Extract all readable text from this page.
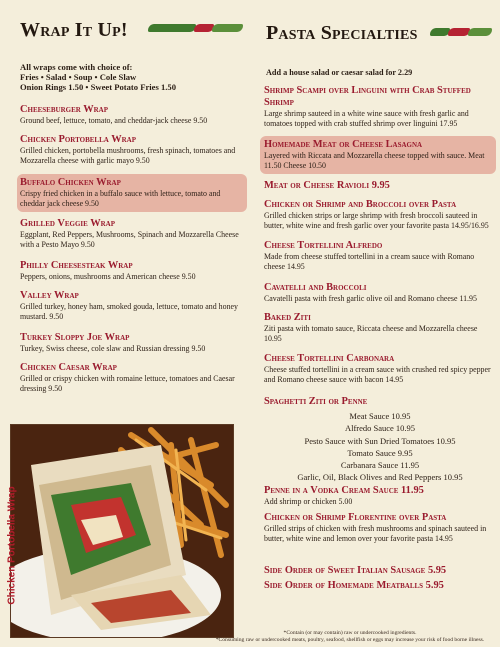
Wrap It Up!
All wraps come with choice of:
Fries • Salad • Soup • Cole Slaw
Onion Rings 1.50 • Sweet Potato Fries 1.50
Cheeseburger Wrap
Ground beef, lettuce, tomato, and cheddar-jack cheese 9.50
Chicken Portobella Wrap
Grilled chicken, portobella mushrooms, fresh spinach, tomatoes and Mozzarella cheese with garlic mayo 9.50
Buffalo Chicken Wrap
Crispy fried chicken in a buffalo sauce with lettuce, tomato and cheddar jack cheese 9.50
Grilled Veggie Wrap
Eggplant, Red Peppers, Mushrooms, Spinach and Mozzarella Cheese with a Pesto Mayo 9.50
Philly Cheesesteak Wrap
Peppers, onions, mushrooms and American cheese 9.50
Valley Wrap
Grilled turkey, honey ham, smoked gouda, lettuce, tomato and honey mustard. 9.50
Turkey Sloppy Joe Wrap
Turkey, Swiss cheese, cole slaw and Russian dressing 9.50
Chicken Caesar Wrap
Grilled or crispy chicken with romaine lettuce, tomatoes and Caesar dressing 9.50
Chicken Portobella Wrap
Pasta Specialties
Add a house salad or caesar salad for 2.29
Shrimp Scampi over Linguini with Crab Stuffed Shrimp
Large shrimp sauteed in a white wine sauce with fresh garlic and tomatoes topped with crab stuffed shrimp over linguini 17.95
Homemade Meat or Cheese Lasagna
Layered with Riccata and Mozzarella cheese topped with sauce. Meat 11.50 Cheese 10.50
Meat or Cheese Ravioli 9.95
Chicken or Shrimp and Broccoli over Pasta
Grilled chicken strips or large shrimp with fresh broccoli sauteed in butter, white wine and fresh garlic over your favorite pasta 14.95/16.95
Cheese Tortellini Alfredo
Made from cheese stuffed tortellini in a cream sauce with Romano cheese 14.95
Cavatelli and Broccoli
Cavatelli pasta with fresh garlic olive oil and Romano cheese 11.95
Baked Ziti
Ziti pasta with tomato sauce, Riccata cheese and Mozzarella cheese 10.95
Cheese Tortellini Carbonara
Cheese stuffed tortellini in a cream sauce with crushed red spicy pepper and Romano cheese sauce with bacon 14.95
Spaghetti Ziti or Penne
Meat Sauce 10.95
Alfredo Sauce 10.95
Pesto Sauce with Sun Dried Tomatoes 10.95
Tomato Sauce 9.95
Carbanara Sauce 11.95
Garlic, Oil, Black Olives and Red Peppers 10.95
Penne in a Vodka Cream Sauce 11.95
Add shrimp or chicken 5.00
Chicken or Shrimp Florentine over Pasta
Grilled strips of chicken with fresh mushrooms and spinach sauteed in butter, white wine and lemon over your favorite pasta 14.95
Side Order of Sweet Italian Sausage 5.95
Side Order of Homemade Meatballs 5.95
*Contain (or may contain) raw or undercooked ingredients.
*Consuming raw or undercooked meats, poultry, seafood, shellfish or eggs may increase your risk of food borne illness.
